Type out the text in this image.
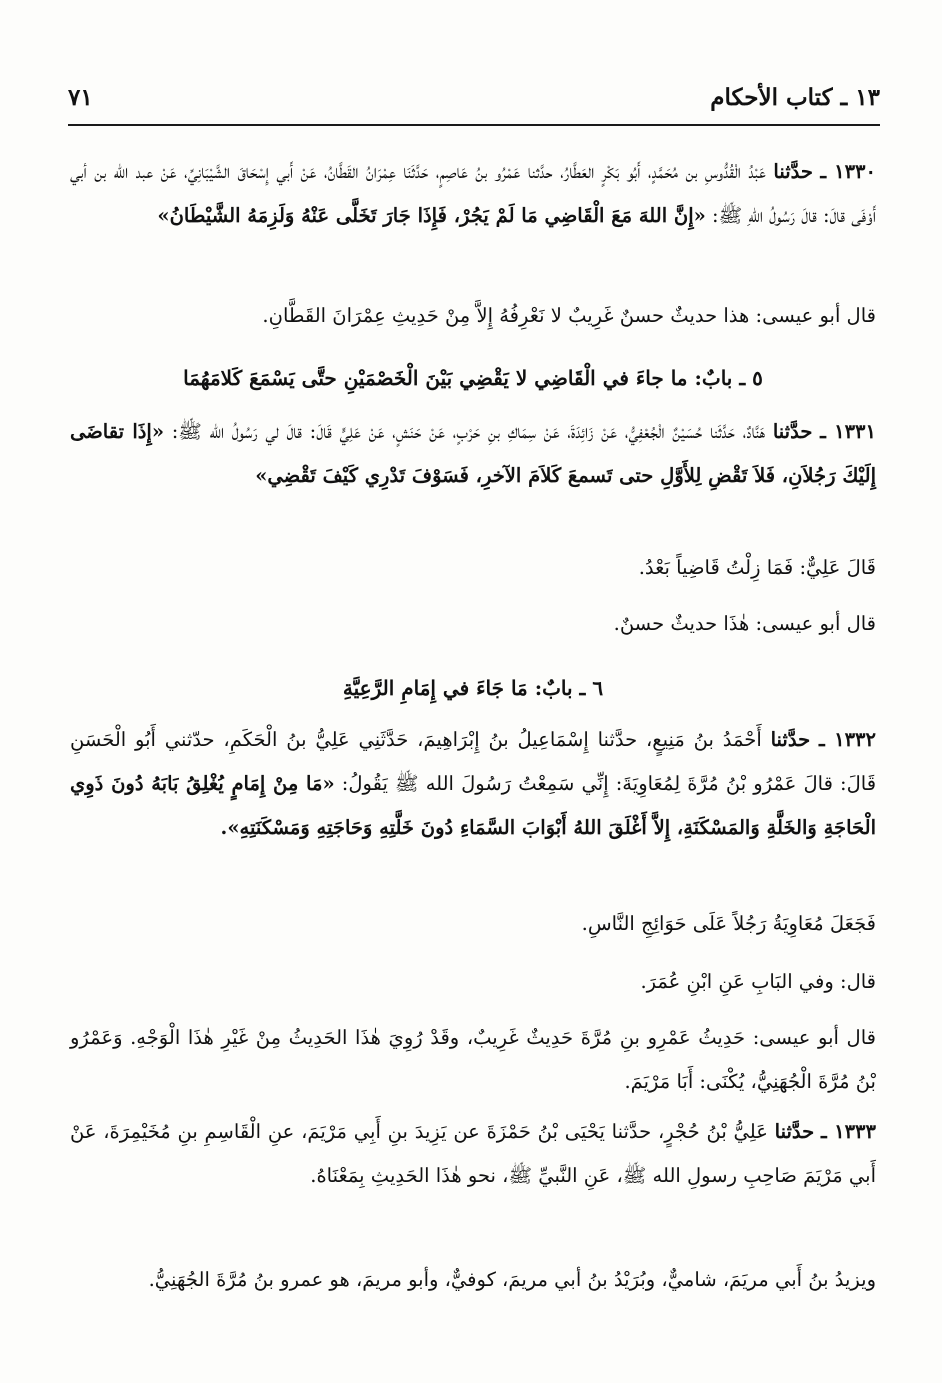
١٣ ـ كتاب الأحكام
٧١
١٣٣٠ ـ حدَّثنا عَبْدُ الْقُدُّوسِ بن مُحَمَّدٍ، أَبُو بَكْرٍ العَطَّارُ، حدَّثنا عَمْرُو بنُ عَاصِمٍ، حَدَّثَنَا عِمْرَانُ القَطَّانُ، عَنْ أَبي إِسْحَاقَ الشَّيْبَانِيِّ، عَنْ عبد الله بن أبي أَوْفَى قالَ: قالَ رَسُولُ اللهِ ﷺ: «إِنَّ اللهَ مَعَ الْقَاضِي مَا لَمْ يَجُرْ، فَإِذَا جَارَ تَخَلَّى عَنْهُ وَلَزِمَهُ الشَّيْطَانُ»
قال أبو عيسى: هذا حديثٌ حسنٌ غَرِيبٌ لا نَعْرِفُهُ إِلاَّ مِنْ حَدِيثِ عِمْرَانَ القَطَّانِ.
٥ ـ بابٌ: ما جاءَ في الْقَاضِي لا يَقْضِي بَيْنَ الْخَصْمَيْنِ حتَّى يَسْمَعَ كَلامَهُمَا
١٣٣١ ـ حدَّثنا هَنَّادٌ، حَدَّثَنا حُسَيْنٌ الْجُعْفِيُّ، عَنْ زَائِدَةَ، عَنْ سِمَاكِ بنِ حَرْبٍ، عَنْ حَنَشٍ، عَنْ عَلِيٍّ قَالَ: قالَ لي رَسُولُ الله ﷺ: «إِذَا تقاضَى إِلَيْكَ رَجُلاَنِ، فَلاَ تَقْضِ لِلأَوَّلِ حتى تَسمعَ كَلاَمَ الآخرِ، فَسَوْفَ تَدْرِي كَيْفَ تَقْضِي»
قَالَ عَلِيٌّ: فَمَا زِلْتُ قَاضِياً بَعْدُ.
قال أبو عيسى: هٰذَا حديثٌ حسنٌ.
٦ ـ بابٌ: مَا جَاءَ في إِمَامِ الرَّعِيَّةِ
١٣٣٢ ـ حدَّثنا أَحْمَدُ بنُ مَنِيعٍ، حدَّثنا إِسْمَاعِيلُ بنُ إِبْرَاهِيمَ، حَدَّثَنِي عَلِيُّ بنُ الْحَكَمِ، حدّثني أَبُو الْحَسَنِ قَالَ: قالَ عَمْرُو بْنُ مُرَّةَ لِمُعَاوِيَةَ: إِنِّي سَمِعْتُ رَسُولَ الله ﷺ يَقُولُ: «مَا مِنْ إِمَامٍ يُغْلِقُ بَابَهُ دُونَ ذَوِي الْحَاجَةِ وَالخَلَّةِ وَالمَسْكَنَةِ، إِلاَّ أَغْلَقَ اللهُ أَبْوَابَ السَّمَاءِ دُونَ خَلَّتِهِ وَحَاجَتِهِ وَمَسْكَنَتِهِ».
فَجَعَلَ مُعَاوِيَةُ رَجُلاً عَلَى حَوَائِجِ النَّاسِ.
قال: وفي البَابِ عَنِ ابْنِ عُمَرَ.
قال أبو عيسى: حَدِيثُ عَمْرِو بنِ مُرَّةَ حَدِيثٌ غَرِيبٌ، وقَدْ رُوِيَ هٰذَا الحَدِيثُ مِنْ غَيْرِ هٰذَا الْوَجْهِ. وَعَمْرُو بْنُ مُرَّةَ الْجُهَنِيُّ، يُكْنَى: أَبَا مَرْيَمَ.
١٣٣٣ ـ حدَّثنا عَلِيُّ بْنُ حُجْرٍ، حدَّثنا يَحْيَى بْنُ حَمْزَةَ عن يَزِيدَ بنِ أَبِي مَرْيَمَ، عنِ الْقَاسِمِ بنِ مُخَيْمِرَةَ، عَنْ أَبي مَرْيَمَ صَاحِبِ رسولِ الله ﷺ، عَنِ النَّبيِّ ﷺ، نحو هٰذَا الحَدِيثِ بِمَعْنَاهُ.
ويزيدُ بنُ أَبي مريَمَ، شاميٌّ، وبُرَيْدُ بنُ أبي مريمَ، كوفيٌّ، وأبو مريمَ، هو عمرو بنُ مُرَّةَ الجُهَنِيُّ.
